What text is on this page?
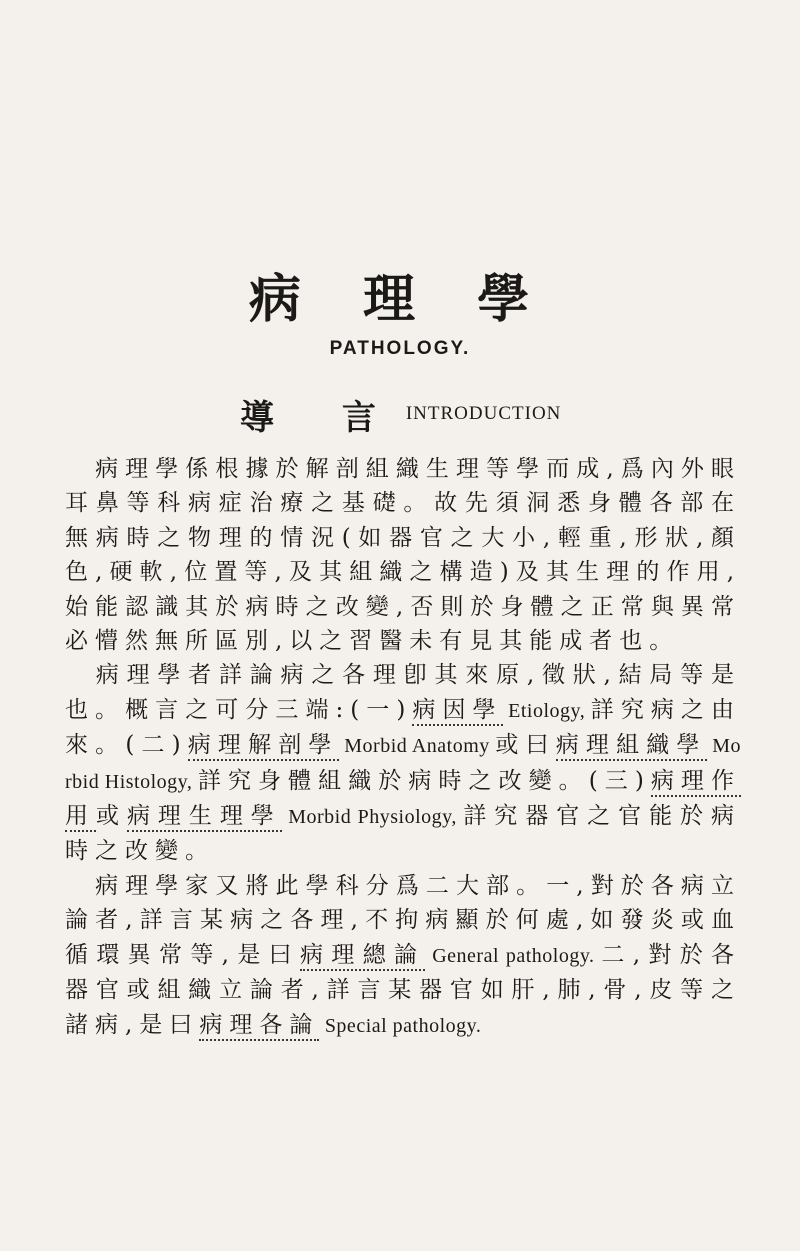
病 理 學
PATHOLOGY.
導 言 INTRODUCTION

　病理學係根據於解剖組織生理等學而成,爲內外眼耳鼻等科病症治療之基礎。故先須洞悉身體各部在無病時之物理的情況(如器官之大小,輕重,形狀,顏色,硬軟,位置等,及其組織之構造)及其生理的作用,始能認識其於病時之改變,否則於身體之正常與異常必懵然無所區別,以之習醫未有見其能成者也。

　病理學者詳論病之各理卽其來原,徵狀,結局等是也。概言之可分三端:(一)病因學 Etiology, 詳究病之由來。(二)病理解剖學 Morbid Anatomy 或曰病理組織學 Morbid Histology, 詳究身體組織於病時之改變。(三)病理作用或病理生理學 Morbid Physiology, 詳究器官之官能於病時之改變。

　病理學家又將此學科分爲二大部。一,對於各病立論者,詳言某病之各理,不拘病顯於何處,如發炎或血循環異常等,是曰病理總論 General pathology. 二,對於各器官或組織立論者,詳言某器官如肝,肺,骨,皮等之諸病,是曰病理各論 Special pathology.
